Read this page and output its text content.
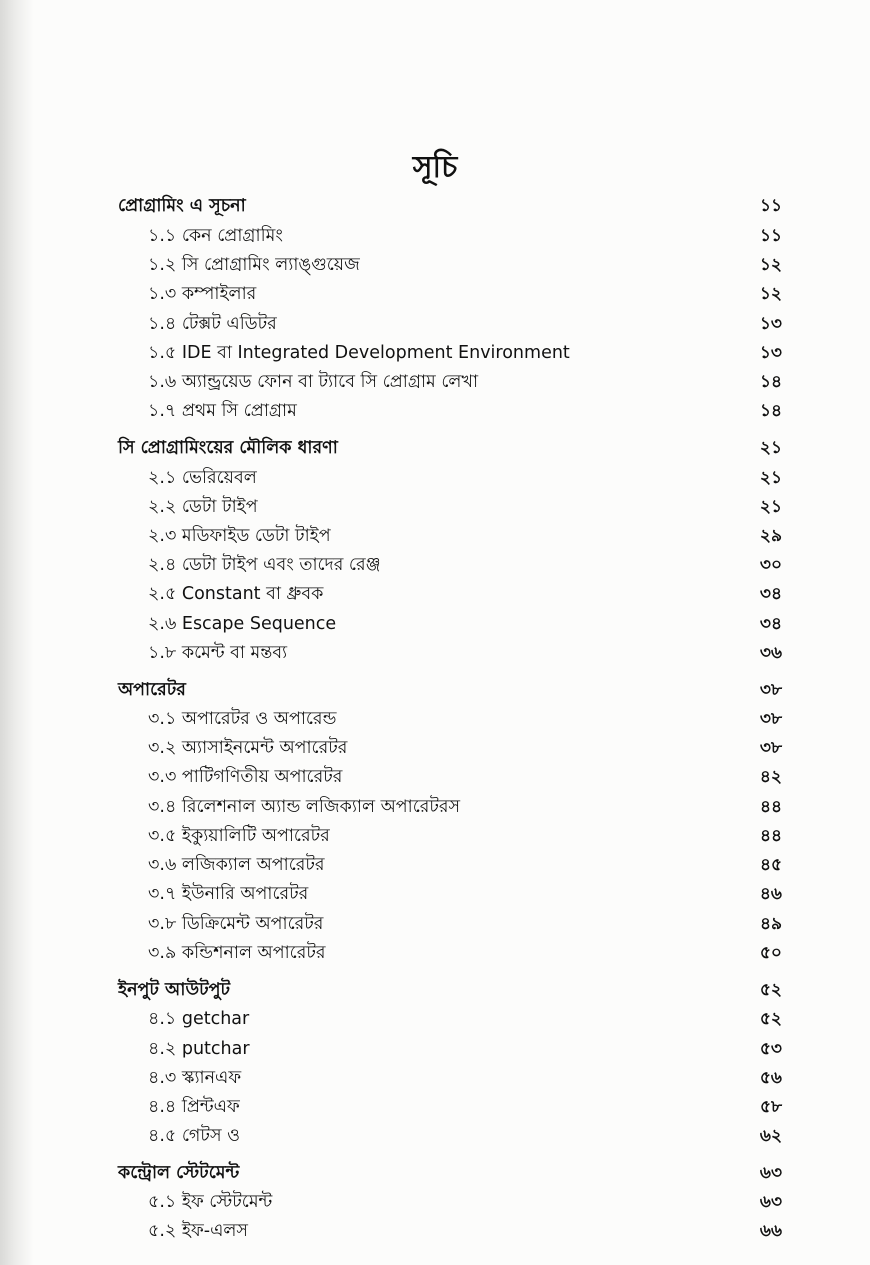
সূচি
প্রোগ্রামিং এ সূচনা	১১
১.১ কেন প্রোগ্রামিং	১১
১.২ সি প্রোগ্রামিং ল্যাঙ্গুয়েজ	১২
১.৩ কম্পাইলার	১২
১.৪ টেক্সট এডিটর	১৩
১.৫ IDE বা Integrated Development Environment	১৩
১.৬ অ্যান্ড্রয়েড ফোন বা ট্যাবে সি প্রোগ্রাম লেখা	১৪
১.৭ প্রথম সি প্রোগ্রাম	১৪
সি প্রোগ্রামিংয়ের মৌলিক ধারণা	২১
২.১ ভেরিয়েবল	২১
২.২ ডেটা টাইপ	২১
২.৩ মডিফাইড ডেটা টাইপ	২৯
২.৪ ডেটা টাইপ এবং তাদের রেঞ্জ	৩০
২.৫ Constant বা ধ্রুবক	৩৪
২.৬ Escape Sequence	৩৪
১.৮ কমেন্ট বা মন্তব্য	৩৬
অপারেটর	৩৮
৩.১ অপারেটর ও অপারেন্ড	৩৮
৩.২ অ্যাসাইনমেন্ট অপারেটর	৩৮
৩.৩ পাটিগণিতীয় অপারেটর	৪২
৩.৪ রিলেশনাল অ্যান্ড লজিক্যাল অপারেটরস	৪৪
৩.৫ ইক্যুয়ালিটি অপারেটর	৪৪
৩.৬ লজিক্যাল অপারেটর	৪৫
৩.৭ ইউনারি অপারেটর	৪৬
৩.৮ ডিক্রিমেন্ট অপারেটর	৪৯
৩.৯ কন্ডিশনাল অপারেটর	৫০
ইনপুট আউটপুট	৫২
৪.১ getchar	৫২
৪.২ putchar	৫৩
৪.৩ স্ক্যানএফ	৫৬
৪.৪ প্রিন্টএফ	৫৮
৪.৫ গেটস ও	৬২
কন্ট্রোল স্টেটমেন্ট	৬৩
৫.১ ইফ স্টেটমেন্ট	৬৩
৫.২ ইফ-এলস	৬৬
